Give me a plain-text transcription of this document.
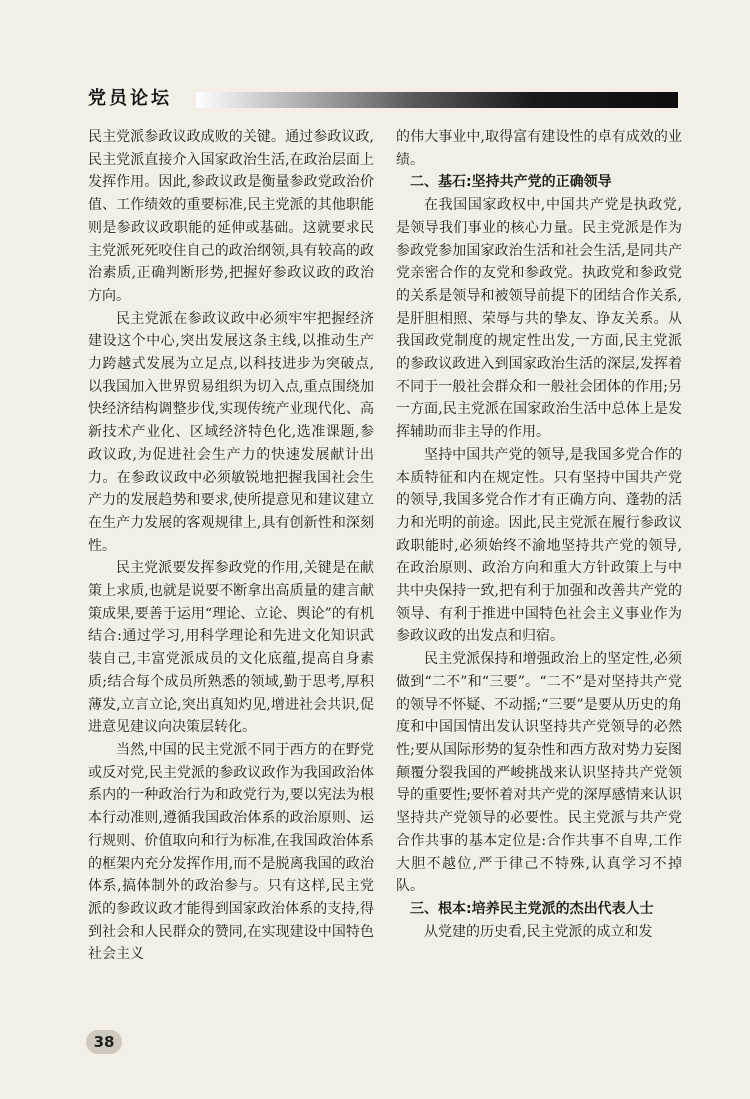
党员论坛

民主党派参政议政成败的关键。通过参政议政,民主党派直接介入国家政治生活,在政治层面上发挥作用。因此,参政议政是衡量参政党政治价值、工作绩效的重要标准,民主党派的其他职能则是参政议政职能的延伸或基础。这就要求民主党派死死咬住自己的政治纲领,具有较高的政治素质,正确判断形势,把握好参政议政的政治方向。

民主党派在参政议政中必须牢牢把握经济建设这个中心,突出发展这条主线,以推动生产力跨越式发展为立足点,以科技进步为突破点,以我国加入世界贸易组织为切入点,重点围绕加快经济结构调整步伐,实现传统产业现代化、高新技术产业化、区域经济特色化,选准课题,参政议政,为促进社会生产力的快速发展献计出力。在参政议政中必须敏锐地把握我国社会生产力的发展趋势和要求,使所提意见和建议建立在生产力发展的客观规律上,具有创新性和深刻性。

民主党派要发挥参政党的作用,关键是在献策上求质,也就是说要不断拿出高质量的建言献策成果,要善于运用“理论、立论、舆论”的有机结合:通过学习,用科学理论和先进文化知识武装自己,丰富党派成员的文化底蕴,提高自身素质;结合每个成员所熟悉的领域,勤于思考,厚积薄发,立言立论,突出真知灼见,增进社会共识,促进意见建议向决策层转化。

当然,中国的民主党派不同于西方的在野党或反对党,民主党派的参政议政作为我国政治体系内的一种政治行为和政党行为,要以宪法为根本行动准则,遵循我国政治体系的政治原则、运行规则、价值取向和行为标准,在我国政治体系的框架内充分发挥作用,而不是脱离我国的政治体系,搞体制外的政治参与。只有这样,民主党派的参政议政才能得到国家政治体系的支持,得到社会和人民群众的赞同,在实现建设中国特色社会主义

的伟大事业中,取得富有建设性的卓有成效的业绩。

二、基石:坚持共产党的正确领导

在我国国家政权中,中国共产党是执政党,是领导我们事业的核心力量。民主党派是作为参政党参加国家政治生活和社会生活,是同共产党亲密合作的友党和参政党。执政党和参政党的关系是领导和被领导前提下的团结合作关系,是肝胆相照、荣辱与共的挚友、诤友关系。从我国政党制度的规定性出发,一方面,民主党派的参政议政进入到国家政治生活的深层,发挥着不同于一般社会群众和一般社会团体的作用;另一方面,民主党派在国家政治生活中总体上是发挥辅助而非主导的作用。

坚持中国共产党的领导,是我国多党合作的本质特征和内在规定性。只有坚持中国共产党的领导,我国多党合作才有正确方向、蓬勃的活力和光明的前途。因此,民主党派在履行参政议政职能时,必须始终不渝地坚持共产党的领导,在政治原则、政治方向和重大方针政策上与中共中央保持一致,把有利于加强和改善共产党的领导、有利于推进中国特色社会主义事业作为参政议政的出发点和归宿。

民主党派保持和增强政治上的坚定性,必须做到“二不”和“三要”。“二不”是对坚持共产党的领导不怀疑、不动摇;“三要”是要从历史的角度和中国国情出发认识坚持共产党领导的必然性;要从国际形势的复杂性和西方敌对势力妄图颠覆分裂我国的严峻挑战来认识坚持共产党领导的重要性;要怀着对共产党的深厚感情来认识坚持共产党领导的必要性。民主党派与共产党合作共事的基本定位是:合作共事不自卑,工作大胆不越位,严于律己不特殊,认真学习不掉队。

三、根本:培养民主党派的杰出代表人士

从党建的历史看,民主党派的成立和发

38
